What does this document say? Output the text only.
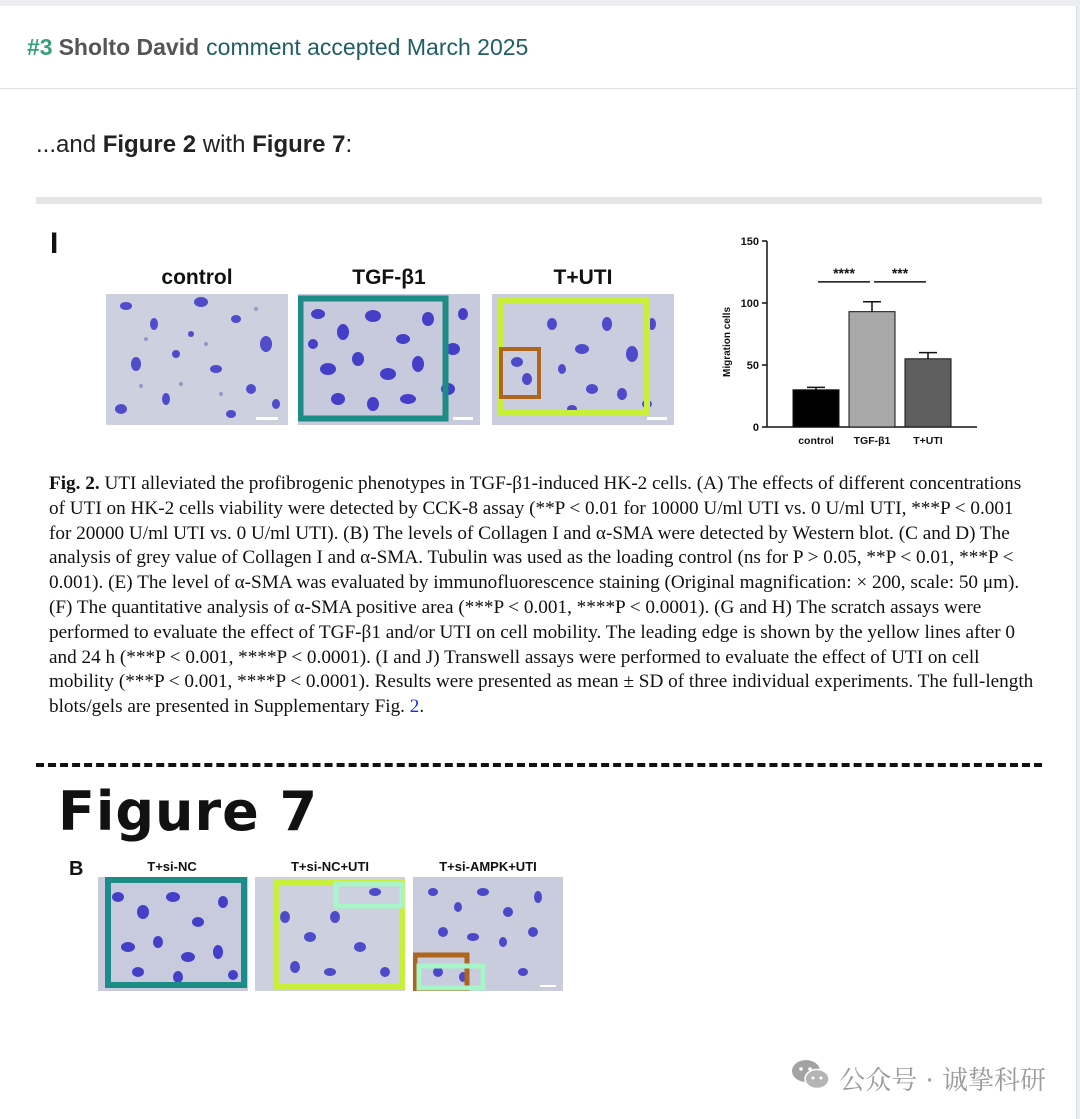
#3 Sholto David comment accepted March 2025
...and Figure 2 with Figure 7:
I
control	TGF-β1	T+UTI
0
50
100
150
Migration cells
control TGF-β1 T+UTI
****	***
Fig. 2. UTI alleviated the profibrogenic phenotypes in TGF-β1-induced HK-2 cells. (A) The effects of different concentrations of UTI on HK-2 cells viability were detected by CCK-8 assay (**P < 0.01 for 10000 U/ml UTI vs. 0 U/ml UTI, ***P < 0.001 for 20000 U/ml UTI vs. 0 U/ml UTI). (B) The levels of Collagen I and α-SMA were detected by Western blot. (C and D) The analysis of grey value of Collagen I and α-SMA. Tubulin was used as the loading control (ns for P > 0.05, **P < 0.01, ***P < 0.001). (E) The level of α-SMA was evaluated by immunofluorescence staining (Original magnification: × 200, scale: 50 μm). (F) The quantitative analysis of α-SMA positive area (***P < 0.001, ****P < 0.0001). (G and H) The scratch assays were performed to evaluate the effect of TGF-β1 and/or UTI on cell mobility. The leading edge is shown by the yellow lines after 0 and 24 h (***P < 0.001, ****P < 0.0001). (I and J) Transwell assays were performed to evaluate the effect of UTI on cell mobility (***P < 0.001, ****P < 0.0001). Results were presented as mean ± SD of three individual experiments. The full-length blots/gels are presented in Supplementary Fig. 2.
Figure 7
B	T+si-NC	T+si-NC+UTI	T+si-AMPK+UTI
公众号 · 诚挚科研
